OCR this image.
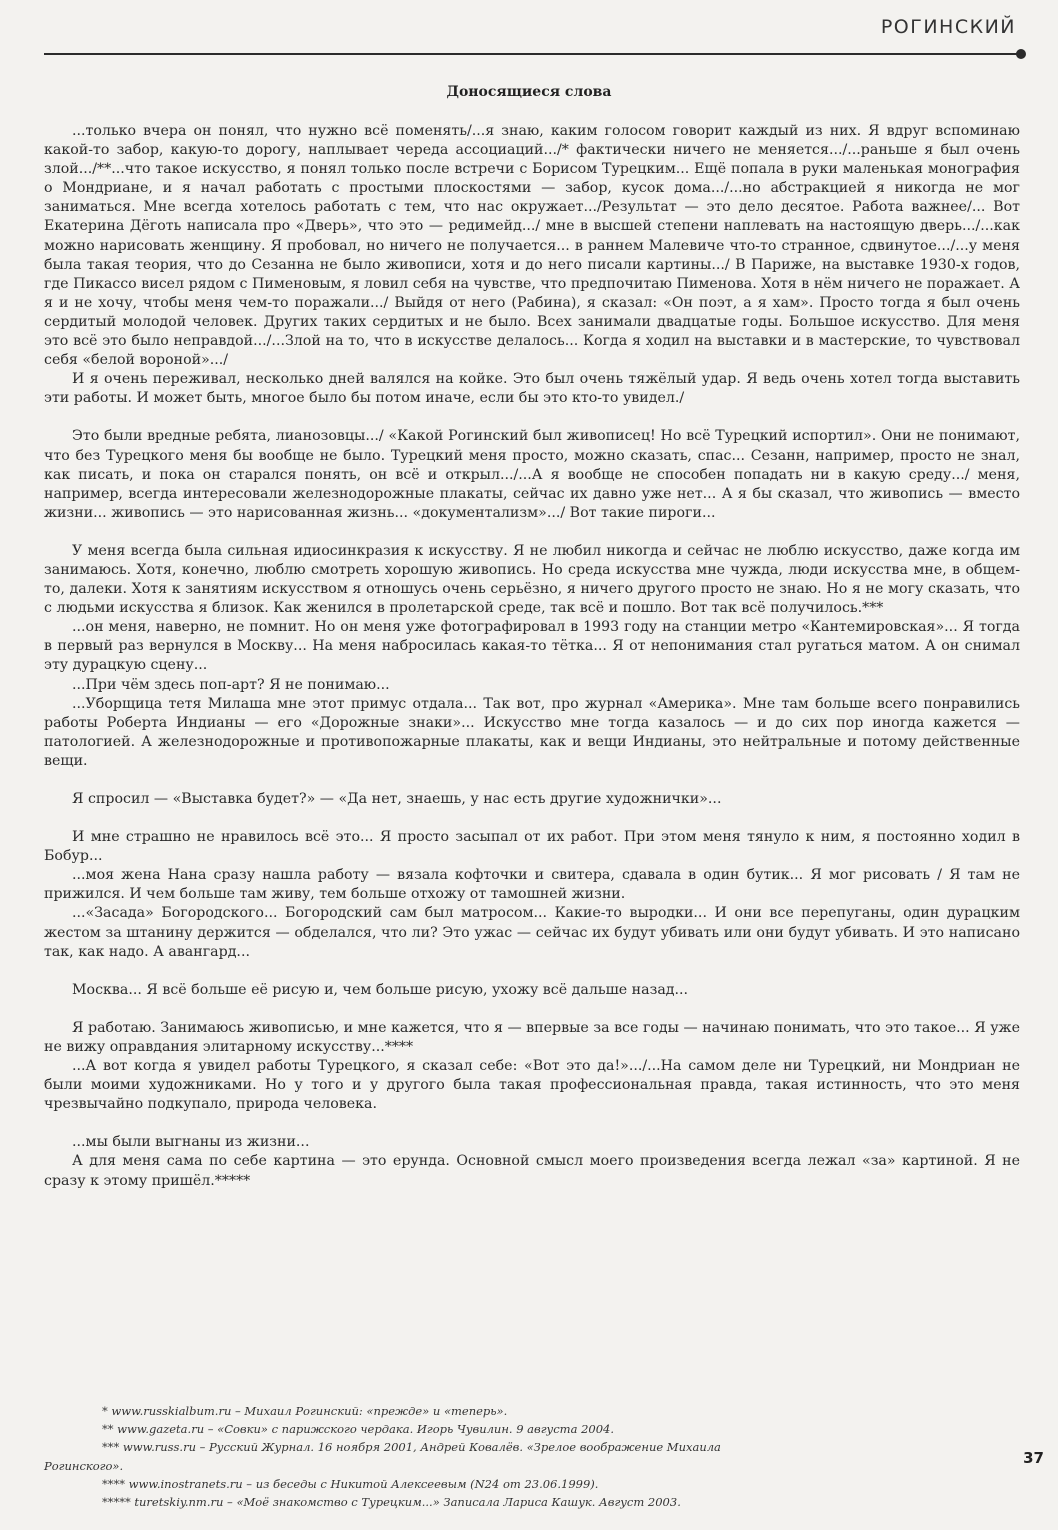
РОГИНСКИЙ
Доносящиеся слова

...только вчера он понял, что нужно всё поменять/...я знаю, каким голосом говорит каждый из них. Я вдруг вспоминаю какой-то забор, какую-то дорогу, наплывает череда ассоциаций.../* фактически ничего не меняется.../...раньше я был очень злой.../**...что такое искусство, я понял только после встречи с Борисом Турецким... Ещё попала в руки маленькая монография о Мондриане, и я начал работать с простыми плоскостями — забор, кусок дома.../...но абстракцией я никогда не мог заниматься. Мне всегда хотелось работать с тем, что нас окружает.../Результат — это дело десятое. Работа важнее/... Вот Екатерина Дёготь написала про «Дверь», что это — редимейд.../ мне в высшей степени наплевать на настоящую дверь.../...как можно нарисовать женщину. Я пробовал, но ничего не получается... в раннем Малевиче что-то странное, сдвинутое.../...у меня была такая теория, что до Сезанна не было живописи, хотя и до него писали картины.../ В Париже, на выставке 1930-х годов, где Пикассо висел рядом с Пименовым, я ловил себя на чувстве, что предпочитаю Пименова. Хотя в нём ничего не поражает. А я и не хочу, чтобы меня чем-то поражали.../ Выйдя от него (Рабина), я сказал: «Он поэт, а я хам». Просто тогда я был очень сердитый молодой человек. Других таких сердитых и не было. Всех занимали двадцатые годы. Большое искусство. Для меня это всё это было неправдой.../...Злой на то, что в искусстве делалось... Когда я ходил на выставки и в мастерские, то чувствовал себя «белой вороной».../

И я очень переживал, несколько дней валялся на койке. Это был очень тяжёлый удар. Я ведь очень хотел тогда выставить эти работы. И может быть, многое было бы потом иначе, если бы это кто-то увидел./

Это были вредные ребята, лианозовцы.../ «Какой Рогинский был живописец! Но всё Турецкий испортил». Они не понимают, что без Турецкого меня бы вообще не было. Турецкий меня просто, можно сказать, спас... Сезанн, например, просто не знал, как писать, и пока он старался понять, он всё и открыл.../...А я вообще не способен попадать ни в какую среду.../ меня, например, всегда интересовали железнодорожные плакаты, сейчас их давно уже нет... А я бы сказал, что живопись — вместо жизни... живопись — это нарисованная жизнь... «документализм».../ Вот такие пироги...

У меня всегда была сильная идиосинкразия к искусству. Я не любил никогда и сейчас не люблю искусство, даже когда им занимаюсь. Хотя, конечно, люблю смотреть хорошую живопись. Но среда искусства мне чужда, люди искусства мне, в общем-то, далеки. Хотя к занятиям искусством я отношусь очень серьёзно, я ничего другого просто не знаю. Но я не могу сказать, что с людьми искусства я близок. Как женился в пролетарской среде, так всё и пошло. Вот так всё получилось.***

...он меня, наверно, не помнит. Но он меня уже фотографировал в 1993 году на станции метро «Кантемировская»... Я тогда в первый раз вернулся в Москву... На меня набросилась какая-то тётка... Я от непонимания стал ругаться матом. А он снимал эту дурацкую сцену...

...При чём здесь поп-арт? Я не понимаю...

...Уборщица тетя Милаша мне этот примус отдала... Так вот, про журнал «Америка». Мне там больше всего понравились работы Роберта Индианы — его «Дорожные знаки»... Искусство мне тогда казалось — и до сих пор иногда кажется — патологией. А железнодорожные и противопожарные плакаты, как и вещи Индианы, это нейтральные и потому действенные вещи.

Я спросил — «Выставка будет?» — «Да нет, знаешь, у нас есть другие художнички»...

И мне страшно не нравилось всё это... Я просто засыпал от их работ. При этом меня тянуло к ним, я постоянно ходил в Бобур...

...моя жена Нана сразу нашла работу — вязала кофточки и свитера, сдавала в один бутик... Я мог рисовать / Я там не прижился. И чем больше там живу, тем больше отхожу от тамошней жизни.

...«Засада» Богородского... Богородский сам был матросом... Какие-то выродки... И они все перепуганы, один дурацким жестом за штанину держится — обделался, что ли? Это ужас — сейчас их будут убивать или они будут убивать. И это написано так, как надо. А авангард...

Москва... Я всё больше её рисую и, чем больше рисую, ухожу всё дальше назад...

Я работаю. Занимаюсь живописью, и мне кажется, что я — впервые за все годы — начинаю понимать, что это такое... Я уже не вижу оправдания элитарному искусству...****

...А вот когда я увидел работы Турецкого, я сказал себе: «Вот это да!».../...На самом деле ни Турецкий, ни Мондриан не были моими художниками. Но у того и у другого была такая профессиональная правда, такая истинность, что это меня чрезвычайно подкупало, природа человека.

...мы были выгнаны из жизни...

А для меня сама по себе картина — это ерунда. Основной смысл моего произведения всегда лежал «за» картиной. Я не сразу к этому пришёл.*****

* www.russkialbum.ru – Михаил Рогинский: «прежде» и «теперь».
** www.gazeta.ru – «Совки» с парижского чердака. Игорь Чувилин. 9 августа 2004.
*** www.russ.ru – Русский Журнал. 16 ноября 2001, Андрей Ковалёв. «Зрелое воображение Михаила
Рогинского».
**** www.inostranets.ru – из беседы с Никитой Алексеевым (N24 от 23.06.1999).
***** turetskiy.nm.ru – «Моё знакомство с Турецким...» Записала Лариса Кашук. Август 2003.
37
